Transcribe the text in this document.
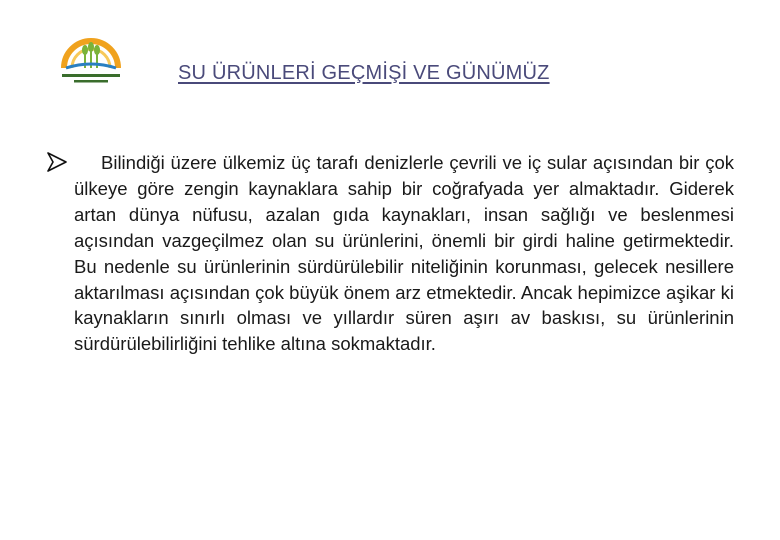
SU ÜRÜNLERİ GEÇMİŞİ VE GÜNÜMÜZ

Bilindiği üzere ülkemiz üç tarafı denizlerle çevrili ve iç sular açısından bir çok ülkeye göre zengin kaynaklara sahip bir coğrafyada yer almaktadır. Giderek artan dünya nüfusu, azalan gıda kaynakları, insan sağlığı ve beslenmesi açısından vazgeçilmez olan su ürünlerini, önemli bir girdi haline getirmektedir. Bu nedenle su ürünlerinin sürdürülebilir niteliğinin korunması, gelecek nesillere aktarılması açısından çok büyük önem arz etmektedir. Ancak hepimizce aşikar ki kaynakların sınırlı olması ve yıllardır süren aşırı av baskısı, su ürünlerinin sürdürülebilirliğini tehlike altına sokmaktadır.
